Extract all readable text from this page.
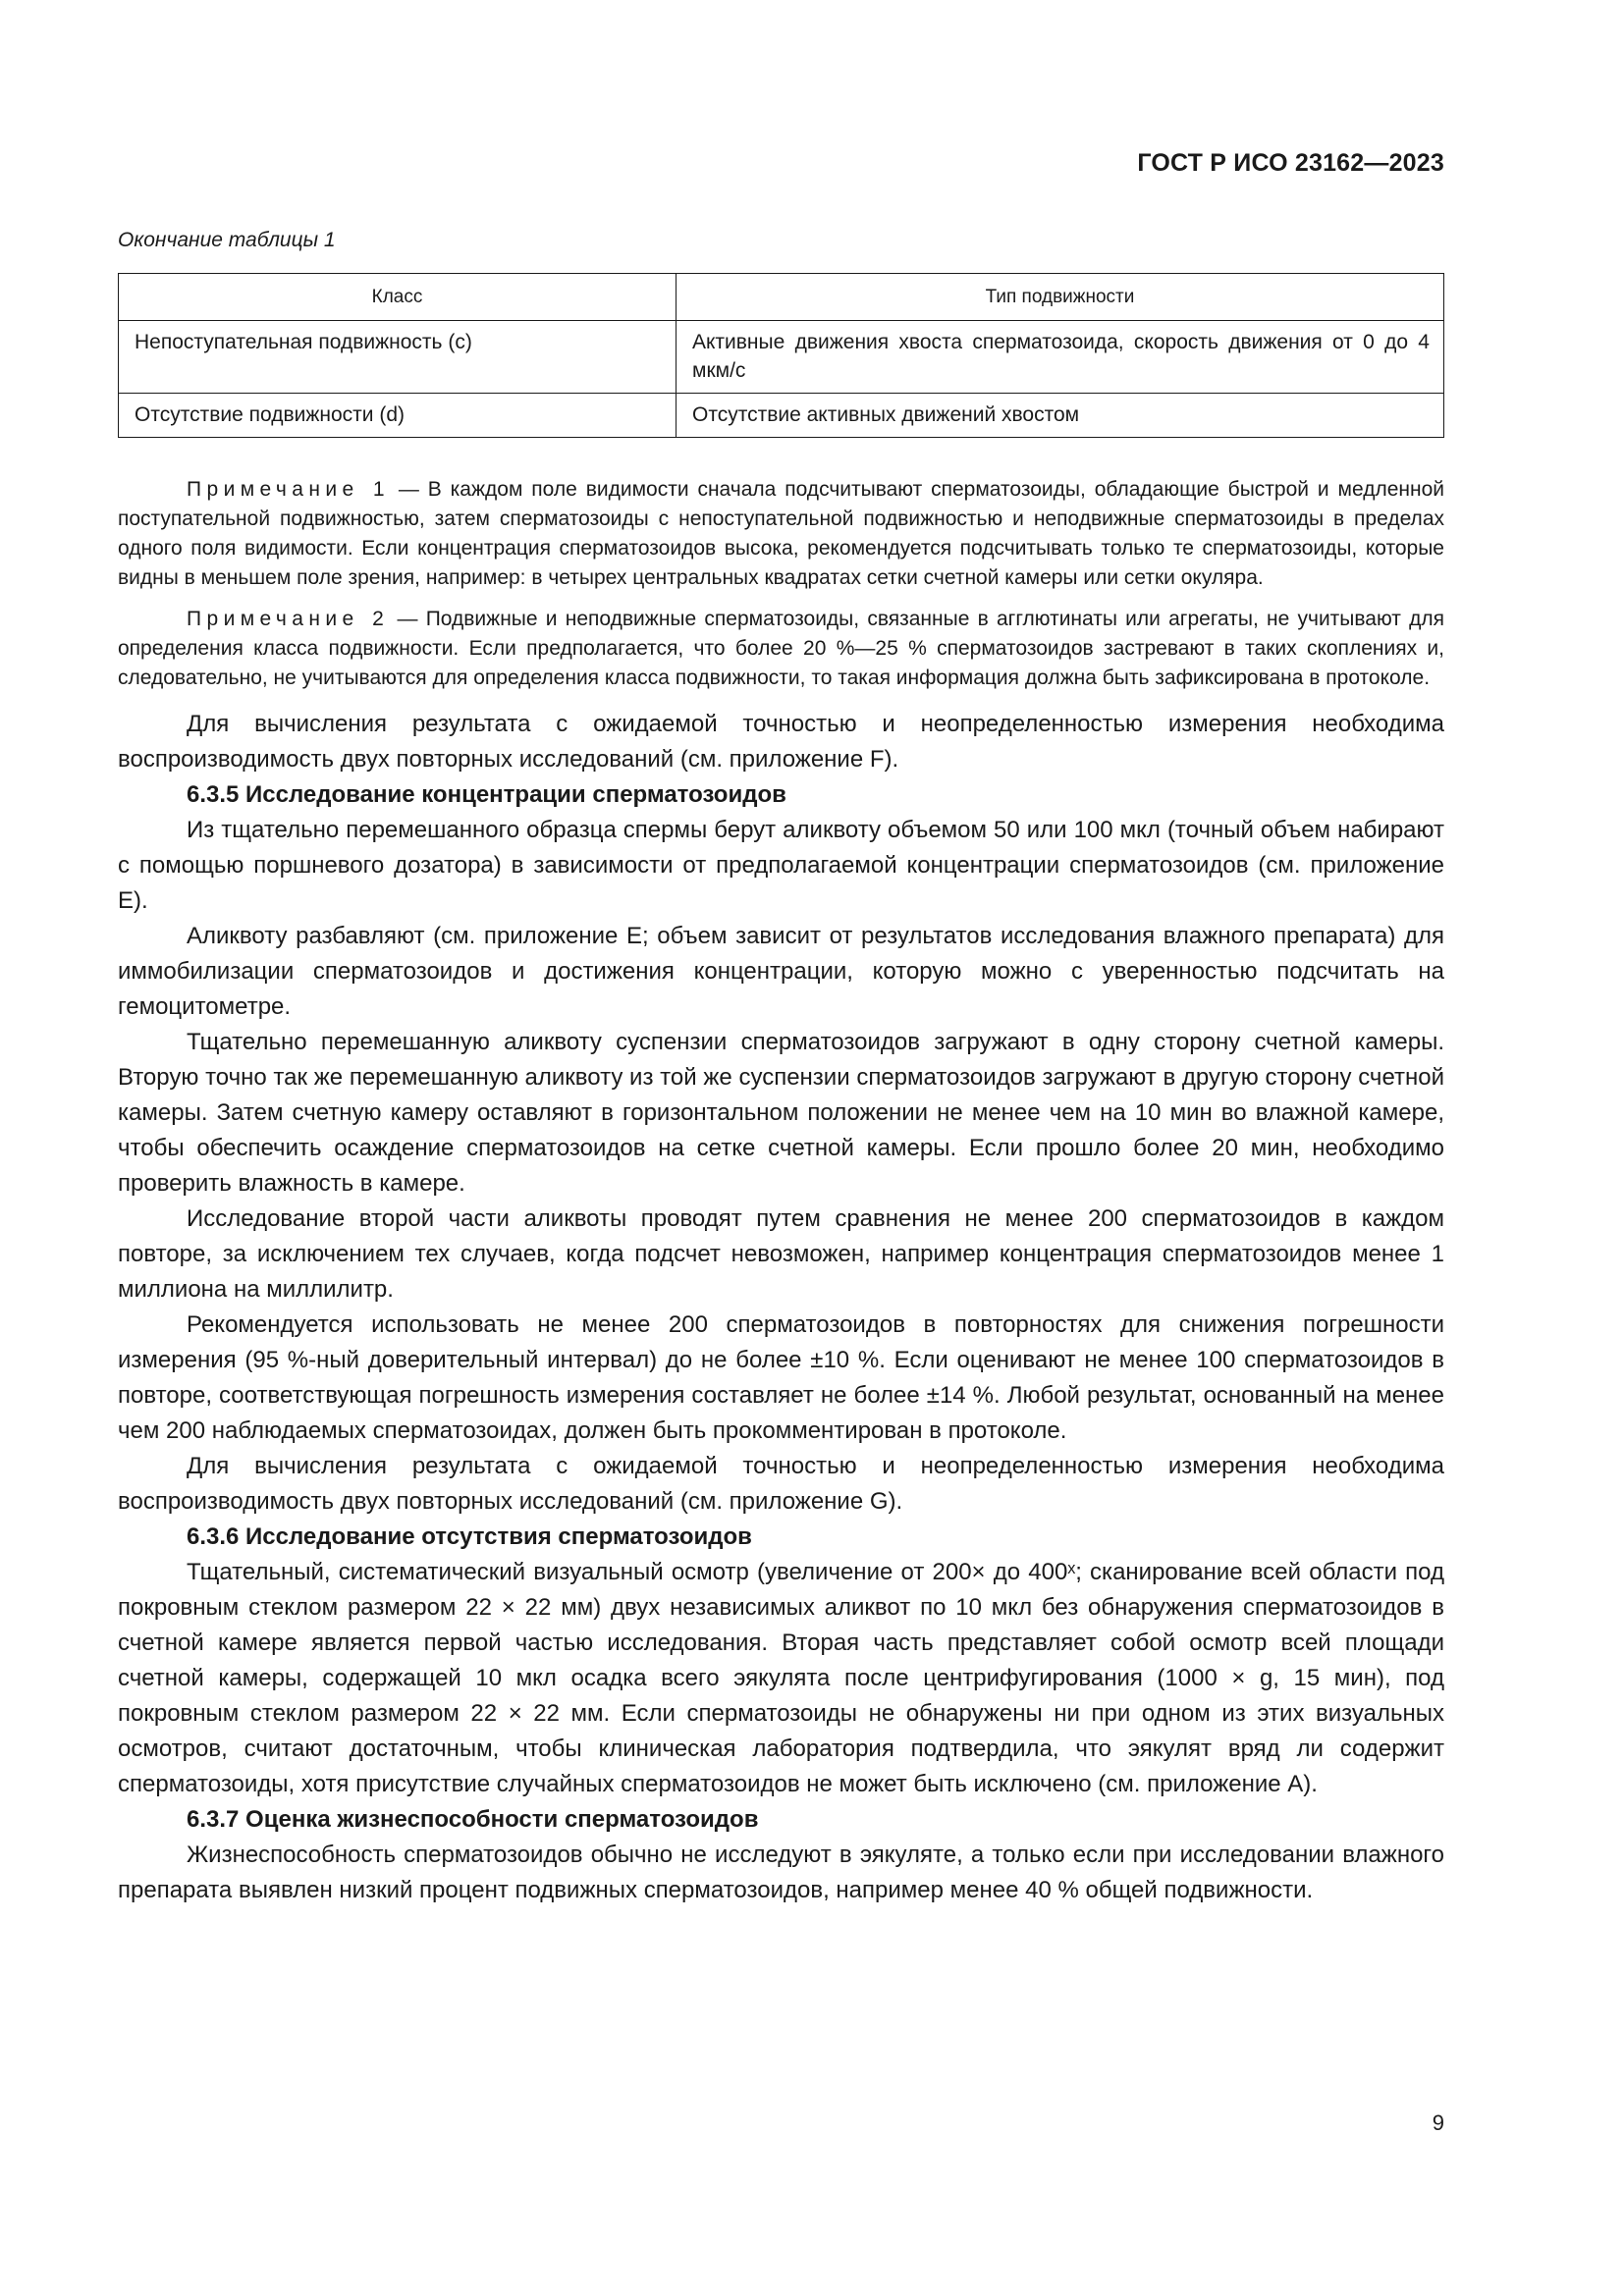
ГОСТ Р ИСО 23162—2023
Окончание таблицы 1
Класс	Тип подвижности
Непоступательная подвижность (с)	Активные движения хвоста сперматозоида, скорость движения от 0 до 4 мкм/с
Отсутствие подвижности (d)	Отсутствие активных движений хвостом

Примечание 1 — В каждом поле видимости сначала подсчитывают сперматозоиды, обладающие быстрой и медленной поступательной подвижностью, затем сперматозоиды с непоступательной подвижностью и неподвижные сперматозоиды в пределах одного поля видимости. Если концентрация сперматозоидов высока, рекомендуется подсчитывать только те сперматозоиды, которые видны в меньшем поле зрения, например: в четырех центральных квадратах сетки счетной камеры или сетки окуляра.

Примечание 2 — Подвижные и неподвижные сперматозоиды, связанные в агглютинаты или агрегаты, не учитывают для определения класса подвижности. Если предполагается, что более 20 %—25 % сперматозоидов застревают в таких скоплениях и, следовательно, не учитываются для определения класса подвижности, то такая информация должна быть зафиксирована в протоколе.

Для вычисления результата с ожидаемой точностью и неопределенностью измерения необходима воспроизводимость двух повторных исследований (см. приложение F).

6.3.5 Исследование концентрации сперматозоидов

Из тщательно перемешанного образца спермы берут аликвоту объемом 50 или 100 мкл (точный объем набирают с помощью поршневого дозатора) в зависимости от предполагаемой концентрации сперматозоидов (см. приложение Е).

Аликвоту разбавляют (см. приложение Е; объем зависит от результатов исследования влажного препарата) для иммобилизации сперматозоидов и достижения концентрации, которую можно с уверенностью подсчитать на гемоцитометре.

Тщательно перемешанную аликвоту суспензии сперматозоидов загружают в одну сторону счетной камеры. Вторую точно так же перемешанную аликвоту из той же суспензии сперматозоидов загружают в другую сторону счетной камеры. Затем счетную камеру оставляют в горизонтальном положении не менее чем на 10 мин во влажной камере, чтобы обеспечить осаждение сперматозоидов на сетке счетной камеры. Если прошло более 20 мин, необходимо проверить влажность в камере.

Исследование второй части аликвоты проводят путем сравнения не менее 200 сперматозоидов в каждом повторе, за исключением тех случаев, когда подсчет невозможен, например концентрация сперматозоидов менее 1 миллиона на миллилитр.

Рекомендуется использовать не менее 200 сперматозоидов в повторностях для снижения погрешности измерения (95 %-ный доверительный интервал) до не более ±10 %. Если оценивают не менее 100 сперматозоидов в повторе, соответствующая погрешность измерения составляет не более ±14 %. Любой результат, основанный на менее чем 200 наблюдаемых сперматозоидах, должен быть прокомментирован в протоколе.

Для вычисления результата с ожидаемой точностью и неопределенностью измерения необходима воспроизводимость двух повторных исследований (см. приложение G).

6.3.6 Исследование отсутствия сперматозоидов

Тщательный, систематический визуальный осмотр (увеличение от 200× до 400ˣ; сканирование всей области под покровным стеклом размером 22 × 22 мм) двух независимых аликвот по 10 мкл без обнаружения сперматозоидов в счетной камере является первой частью исследования. Вторая часть представляет собой осмотр всей площади счетной камеры, содержащей 10 мкл осадка всего эякулята после центрифугирования (1000 × g, 15 мин), под покровным стеклом размером 22 × 22 мм. Если сперматозоиды не обнаружены ни при одном из этих визуальных осмотров, считают достаточным, чтобы клиническая лаборатория подтвердила, что эякулят вряд ли содержит сперматозоиды, хотя присутствие случайных сперматозоидов не может быть исключено (см. приложение А).

6.3.7 Оценка жизнеспособности сперматозоидов

Жизнеспособность сперматозоидов обычно не исследуют в эякуляте, а только если при исследовании влажного препарата выявлен низкий процент подвижных сперматозоидов, например менее 40 % общей подвижности.

9
